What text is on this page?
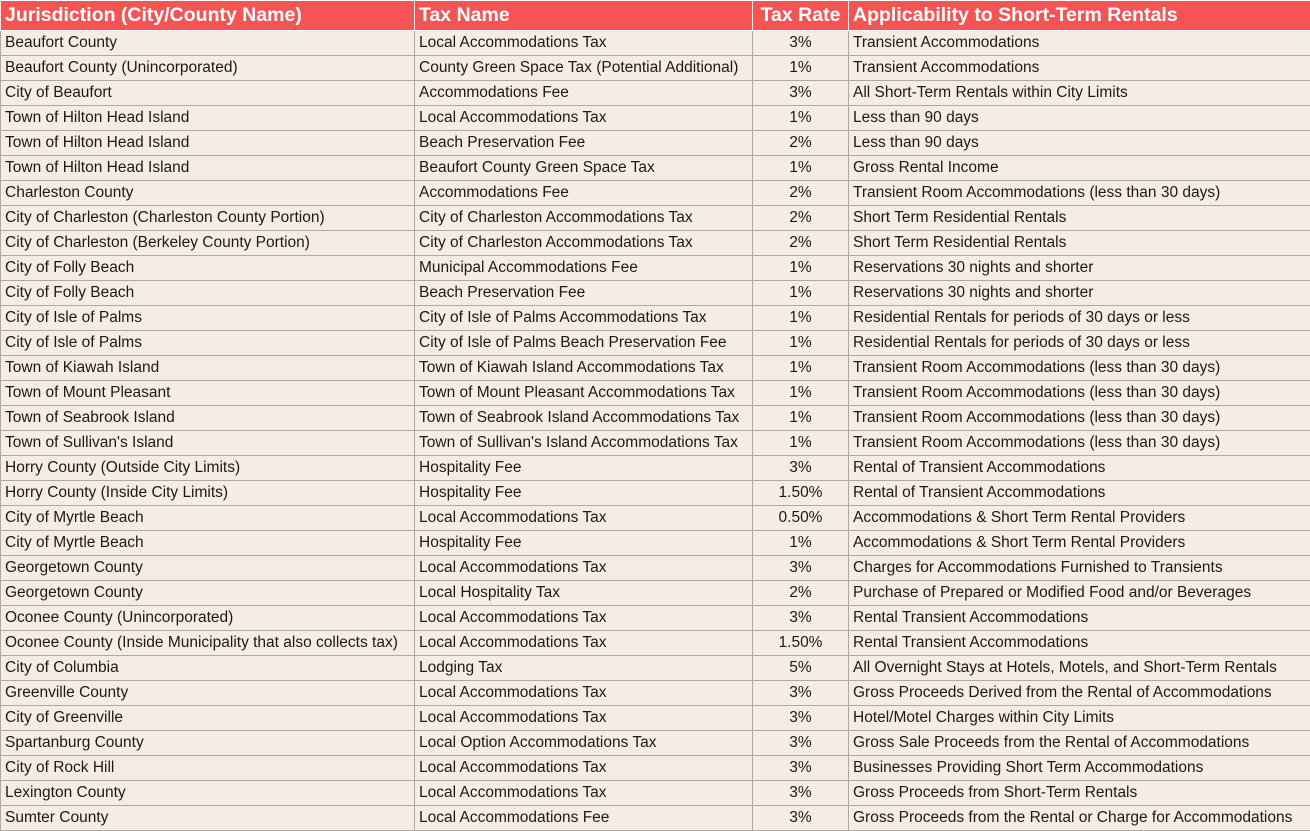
Jurisdiction (City/County Name)	Tax Name	Tax Rate	Applicability to Short-Term Rentals
Beaufort County	Local Accommodations Tax	3%	Transient Accommodations
Beaufort County (Unincorporated)	County Green Space Tax (Potential Additional)	1%	Transient Accommodations
City of Beaufort	Accommodations Fee	3%	All Short-Term Rentals within City Limits
Town of Hilton Head Island	Local Accommodations Tax	1%	Less than 90 days
Town of Hilton Head Island	Beach Preservation Fee	2%	Less than 90 days
Town of Hilton Head Island	Beaufort County Green Space Tax	1%	Gross Rental Income
Charleston County	Accommodations Fee	2%	Transient Room Accommodations (less than 30 days)
City of Charleston (Charleston County Portion)	City of Charleston Accommodations Tax	2%	Short Term Residential Rentals
City of Charleston (Berkeley County Portion)	City of Charleston Accommodations Tax	2%	Short Term Residential Rentals
City of Folly Beach	Municipal Accommodations Fee	1%	Reservations 30 nights and shorter
City of Folly Beach	Beach Preservation Fee	1%	Reservations 30 nights and shorter
City of Isle of Palms	City of Isle of Palms Accommodations Tax	1%	Residential Rentals for periods of 30 days or less
City of Isle of Palms	City of Isle of Palms Beach Preservation Fee	1%	Residential Rentals for periods of 30 days or less
Town of Kiawah Island	Town of Kiawah Island Accommodations Tax	1%	Transient Room Accommodations (less than 30 days)
Town of Mount Pleasant	Town of Mount Pleasant Accommodations Tax	1%	Transient Room Accommodations (less than 30 days)
Town of Seabrook Island	Town of Seabrook Island Accommodations Tax	1%	Transient Room Accommodations (less than 30 days)
Town of Sullivan's Island	Town of Sullivan's Island Accommodations Tax	1%	Transient Room Accommodations (less than 30 days)
Horry County (Outside City Limits)	Hospitality Fee	3%	Rental of Transient Accommodations
Horry County (Inside City Limits)	Hospitality Fee	1.50%	Rental of Transient Accommodations
City of Myrtle Beach	Local Accommodations Tax	0.50%	Accommodations & Short Term Rental Providers
City of Myrtle Beach	Hospitality Fee	1%	Accommodations & Short Term Rental Providers
Georgetown County	Local Accommodations Tax	3%	Charges for Accommodations Furnished to Transients
Georgetown County	Local Hospitality Tax	2%	Purchase of Prepared or Modified Food and/or Beverages
Oconee County (Unincorporated)	Local Accommodations Tax	3%	Rental Transient Accommodations
Oconee County (Inside Municipality that also collects tax)	Local Accommodations Tax	1.50%	Rental Transient Accommodations
City of Columbia	Lodging Tax	5%	All Overnight Stays at Hotels, Motels, and Short-Term Rentals
Greenville County	Local Accommodations Tax	3%	Gross Proceeds Derived from the Rental of Accommodations
City of Greenville	Local Accommodations Tax	3%	Hotel/Motel Charges within City Limits
Spartanburg County	Local Option Accommodations Tax	3%	Gross Sale Proceeds from the Rental of Accommodations
City of Rock Hill	Local Accommodations Tax	3%	Businesses Providing Short Term Accommodations
Lexington County	Local Accommodations Tax	3%	Gross Proceeds from Short-Term Rentals
Sumter County	Local Accommodations Fee	3%	Gross Proceeds from the Rental or Charge for Accommodations
